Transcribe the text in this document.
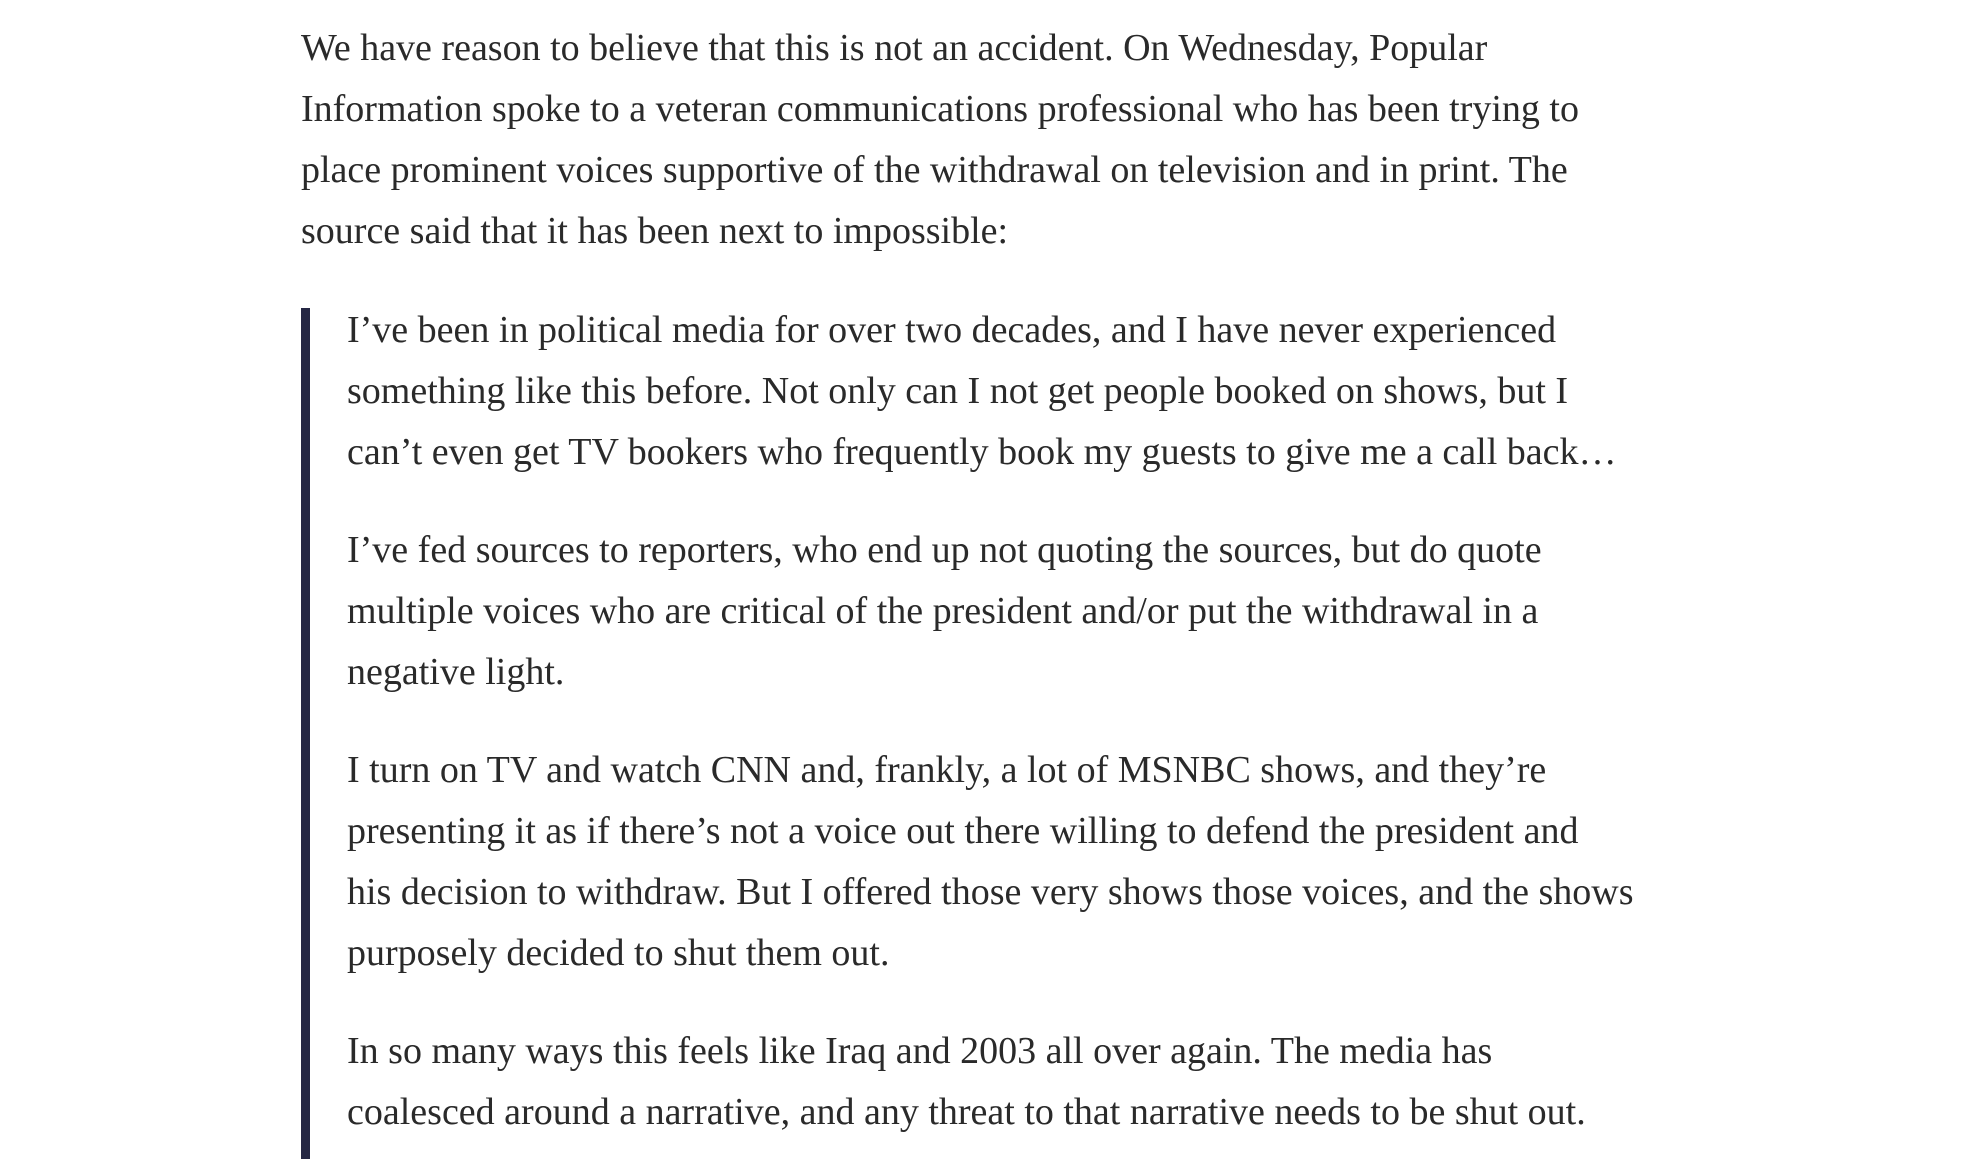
We have reason to believe that this is not an accident. On Wednesday, Popular
Information spoke to a veteran communications professional who has been trying to
place prominent voices supportive of the withdrawal on television and in print. The
source said that it has been next to impossible:

I’ve been in political media for over two decades, and I have never experienced
something like this before. Not only can I not get people booked on shows, but I
can’t even get TV bookers who frequently book my guests to give me a call back…

I’ve fed sources to reporters, who end up not quoting the sources, but do quote
multiple voices who are critical of the president and/or put the withdrawal in a
negative light.

I turn on TV and watch CNN and, frankly, a lot of MSNBC shows, and they’re
presenting it as if there’s not a voice out there willing to defend the president and
his decision to withdraw. But I offered those very shows those voices, and the shows
purposely decided to shut them out.

In so many ways this feels like Iraq and 2003 all over again. The media has
coalesced around a narrative, and any threat to that narrative needs to be shut out.
